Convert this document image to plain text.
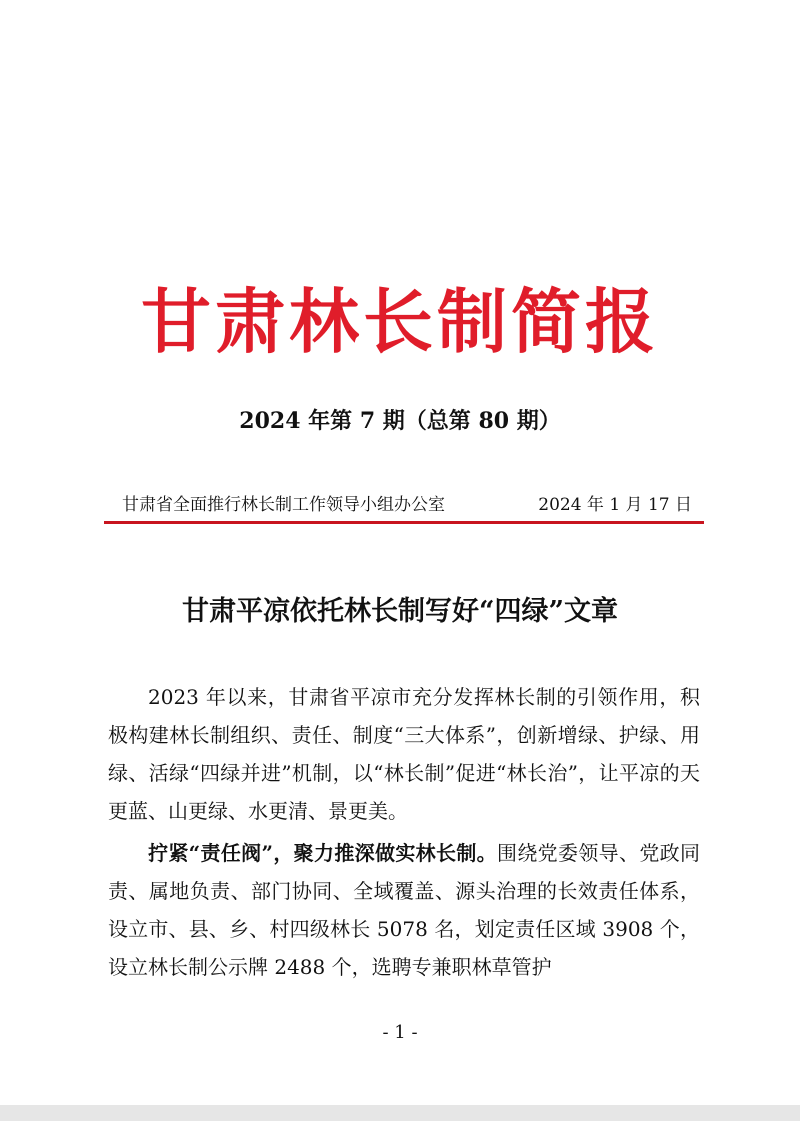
甘肃林长制简报
2024 年第 7 期（总第 80 期）
甘肃省全面推行林长制工作领导小组办公室	2024 年 1 月 17 日
甘肃平凉依托林长制写好“四绿”文章

2023 年以来，甘肃省平凉市充分发挥林长制的引领作用，积极构建林长制组织、责任、制度“三大体系”，创新增绿、护绿、用绿、活绿“四绿并进”机制，以“林长制”促进“林长治”，让平凉的天更蓝、山更绿、水更清、景更美。

拧紧“责任阀”，聚力推深做实林长制。围绕党委领导、党政同责、属地负责、部门协同、全域覆盖、源头治理的长效责任体系，设立市、县、乡、村四级林长 5078 名，划定责任区域 3908 个，设立林长制公示牌 2488 个，选聘专兼职林草管护

- 1 -
